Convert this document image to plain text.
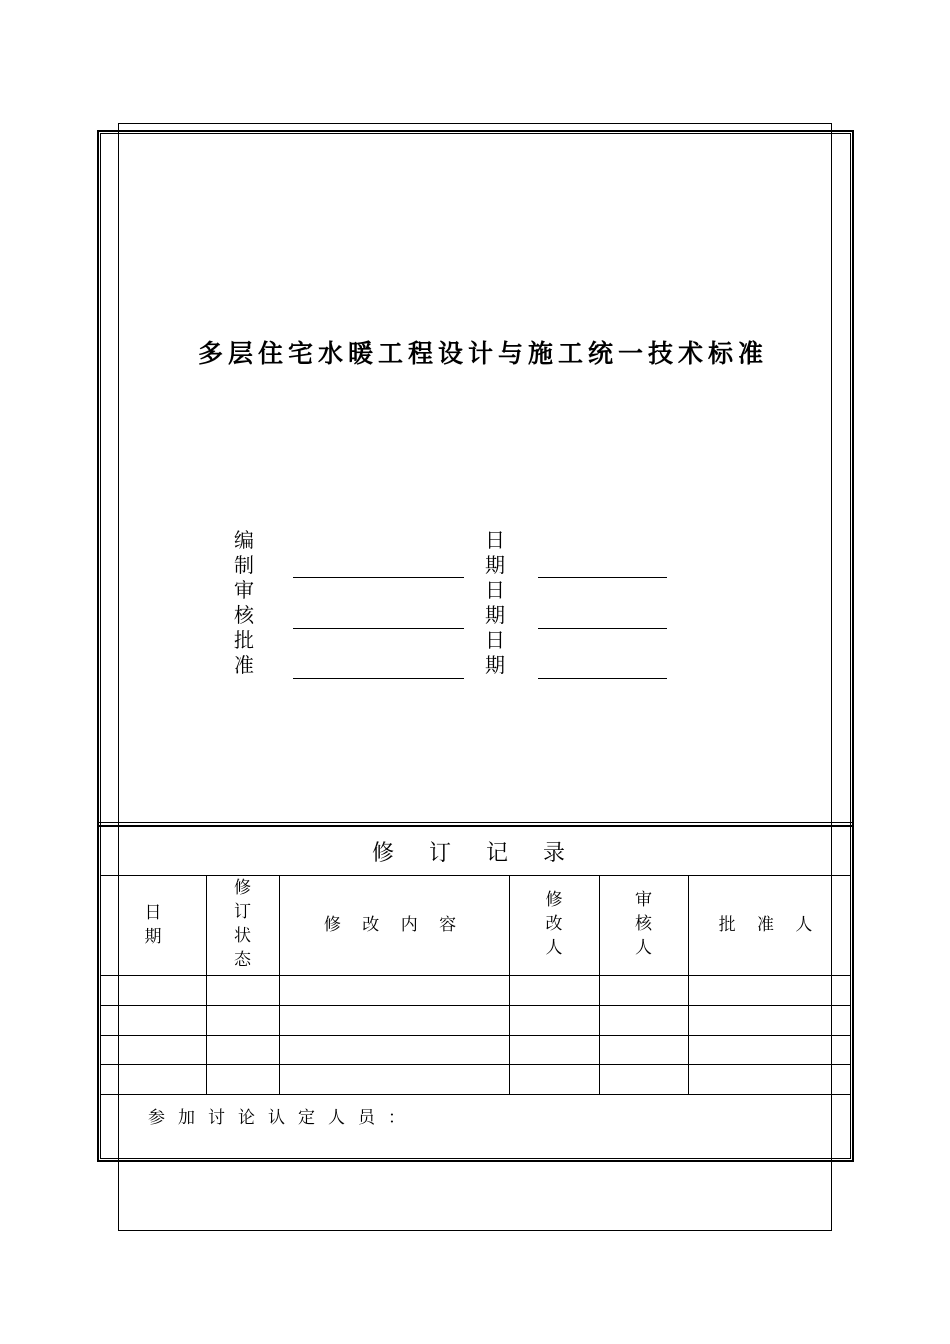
多层住宅水暖工程设计与施工统一技术标准
编
制
审
核
批
准
日
期
日
期
日
期
修 订 记 录
日
期
修
订
状
态
修 改 内 容
修
改
人
审
核
人
批 准 人
参加讨论认定人员：
